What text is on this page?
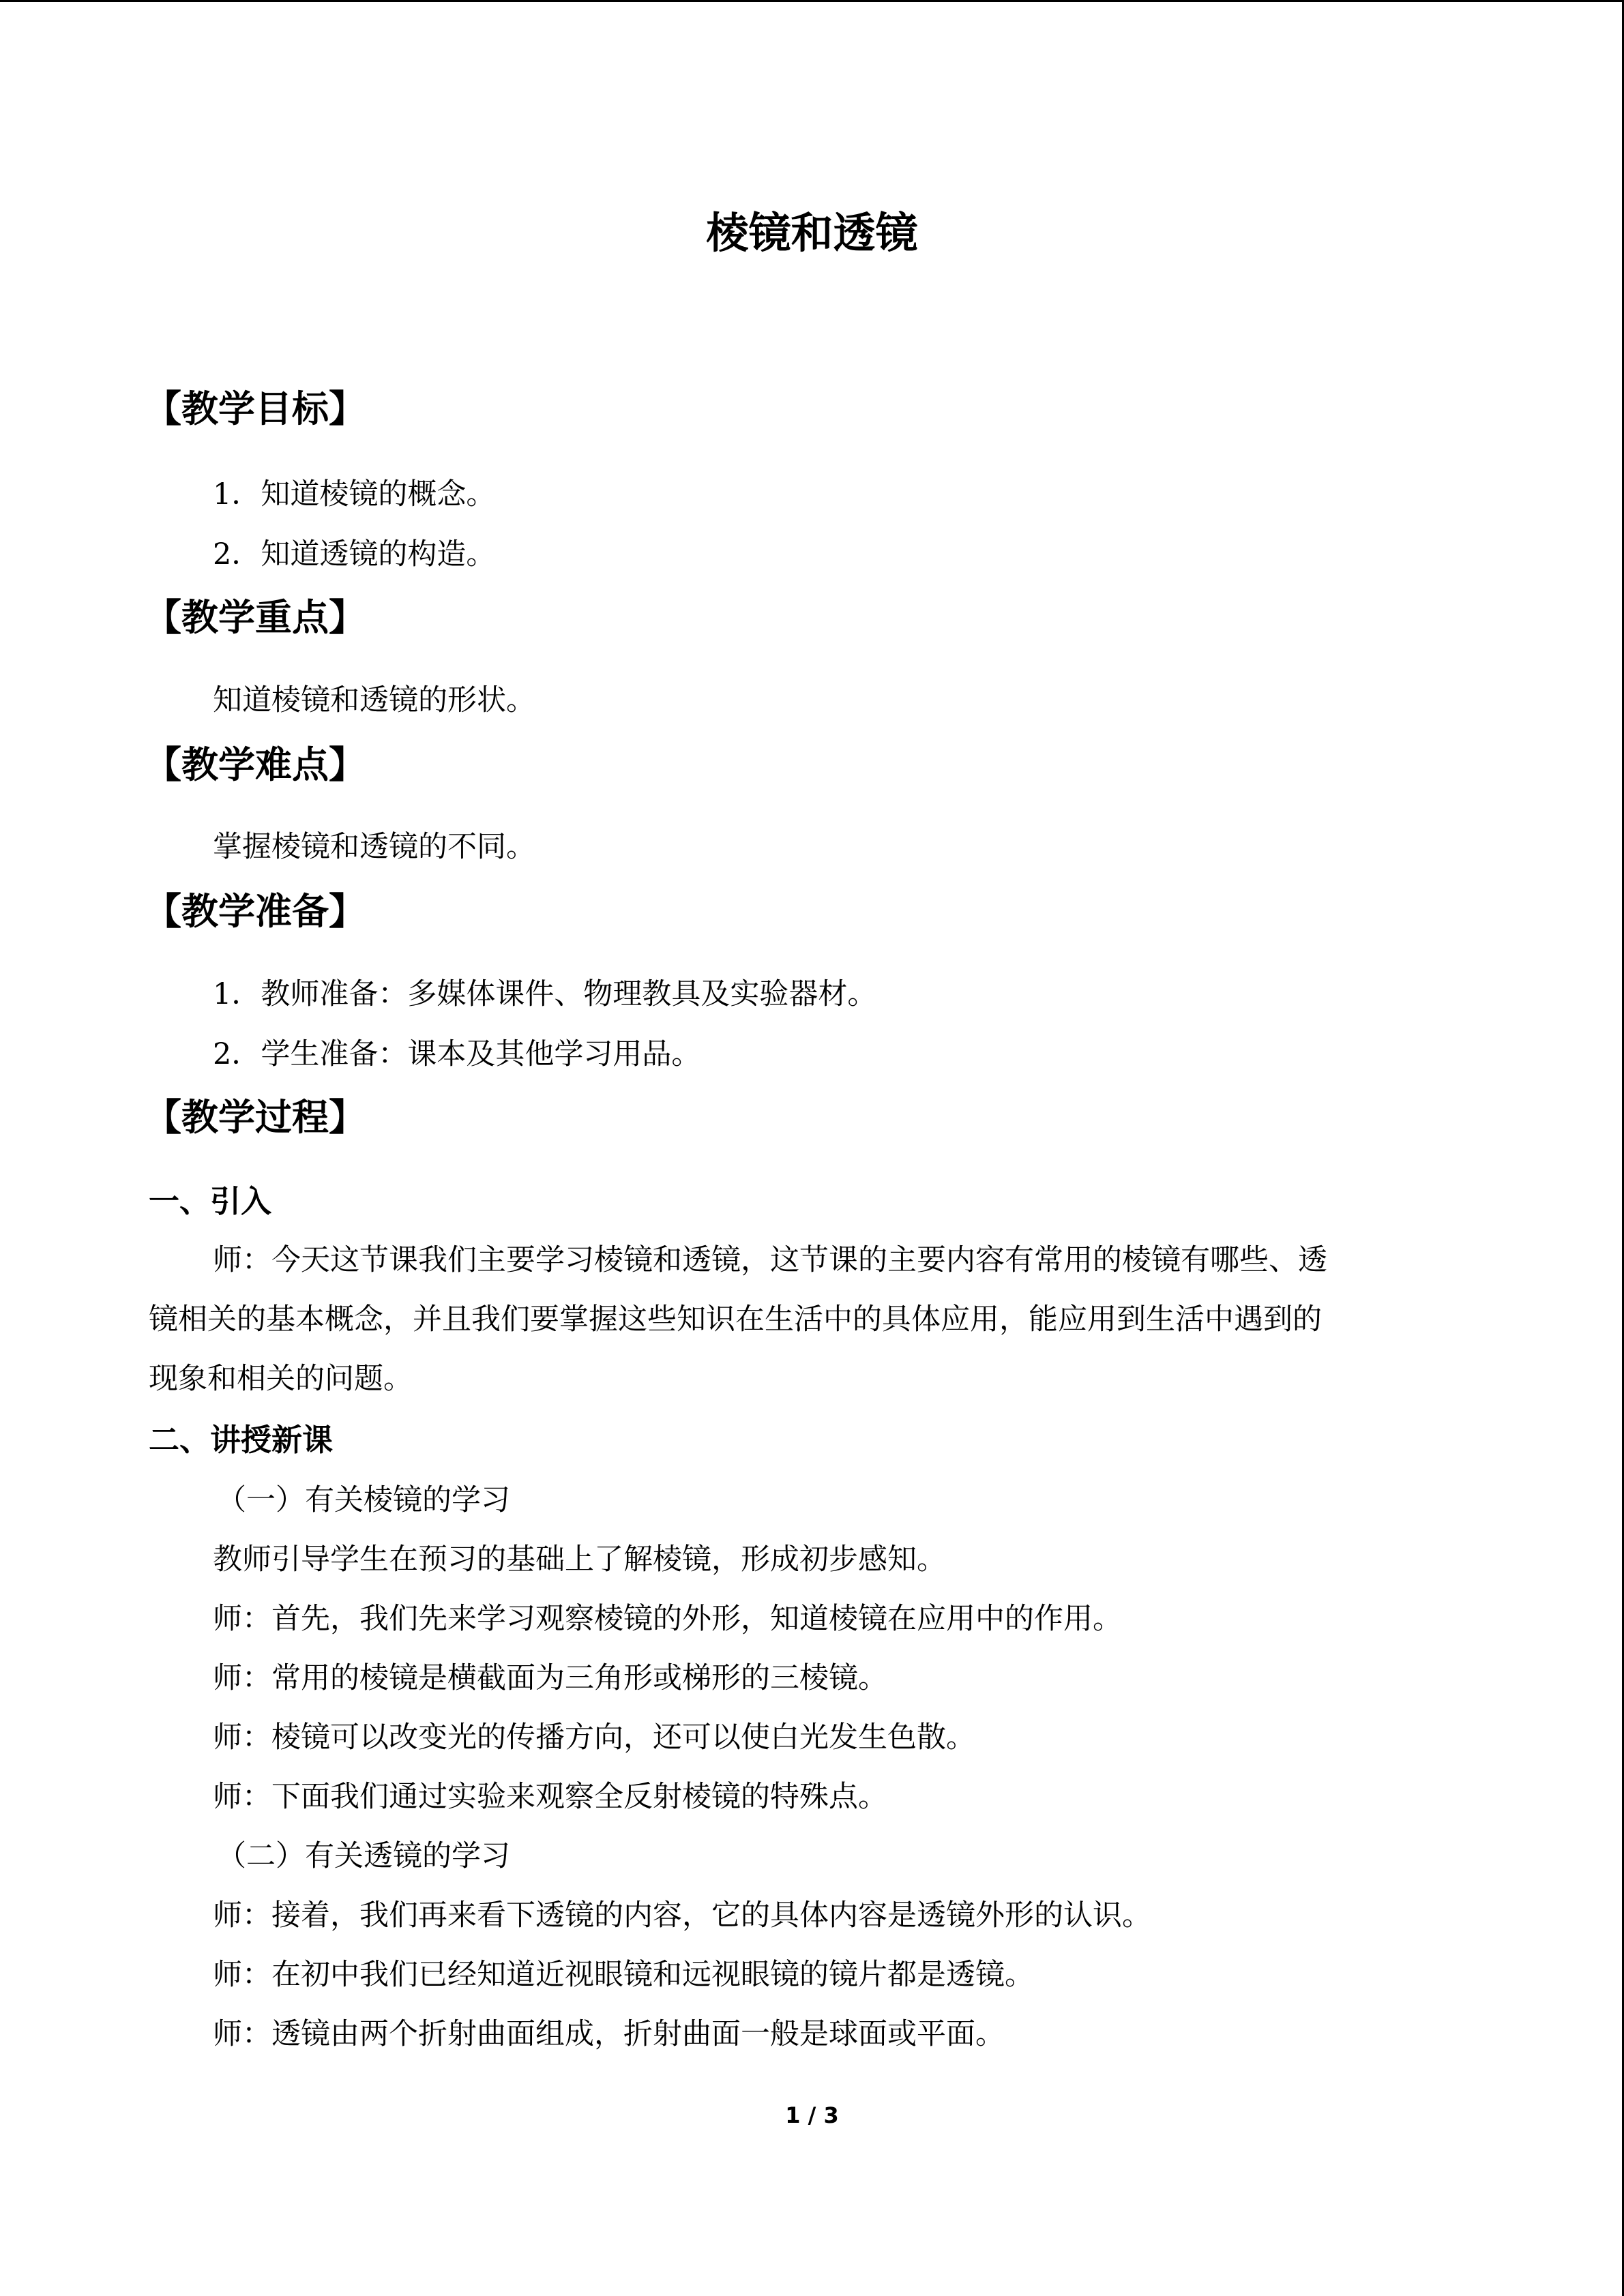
棱镜和透镜
【教学目标】
1．知道棱镜的概念。
2．知道透镜的构造。
【教学重点】
知道棱镜和透镜的形状。
【教学难点】
掌握棱镜和透镜的不同。
【教学准备】
1．教师准备：多媒体课件、物理教具及实验器材。
2．学生准备：课本及其他学习用品。
【教学过程】
一、引入
师：今天这节课我们主要学习棱镜和透镜，这节课的主要内容有常用的棱镜有哪些、透
镜相关的基本概念，并且我们要掌握这些知识在生活中的具体应用，能应用到生活中遇到的
现象和相关的问题。
二、讲授新课
（一）有关棱镜的学习
教师引导学生在预习的基础上了解棱镜，形成初步感知。
师：首先，我们先来学习观察棱镜的外形，知道棱镜在应用中的作用。
师：常用的棱镜是横截面为三角形或梯形的三棱镜。
师：棱镜可以改变光的传播方向，还可以使白光发生色散。
师：下面我们通过实验来观察全反射棱镜的特殊点。
（二）有关透镜的学习
师：接着，我们再来看下透镜的内容，它的具体内容是透镜外形的认识。
师：在初中我们已经知道近视眼镜和远视眼镜的镜片都是透镜。
师：透镜由两个折射曲面组成，折射曲面一般是球面或平面。
1 / 3
